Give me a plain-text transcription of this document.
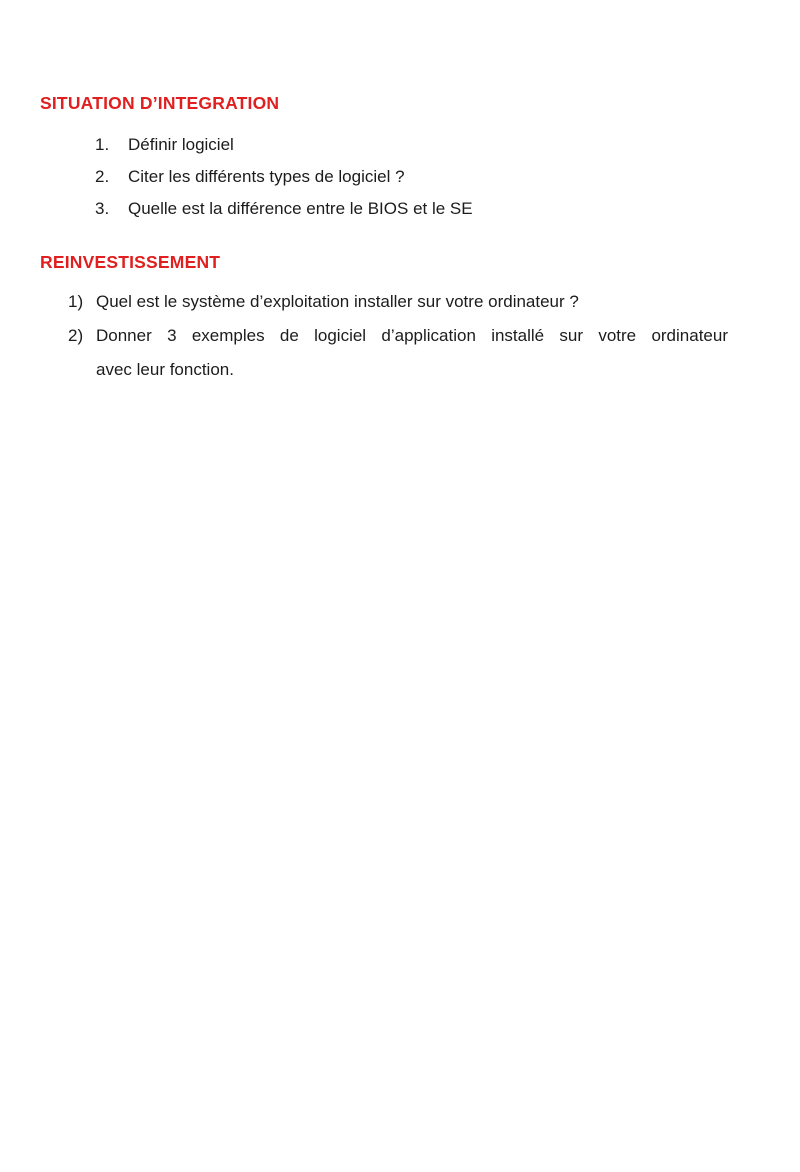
SITUATION D’INTEGRATION
1.	Définir logiciel
2.	Citer les différents types de logiciel ?
3.	Quelle est la différence entre le BIOS et le SE
REINVESTISSEMENT
1) Quel est le système d’exploitation installer sur votre ordinateur ?
2) Donner 3 exemples de logiciel d’application installé sur votre ordinateur
avec leur fonction.
